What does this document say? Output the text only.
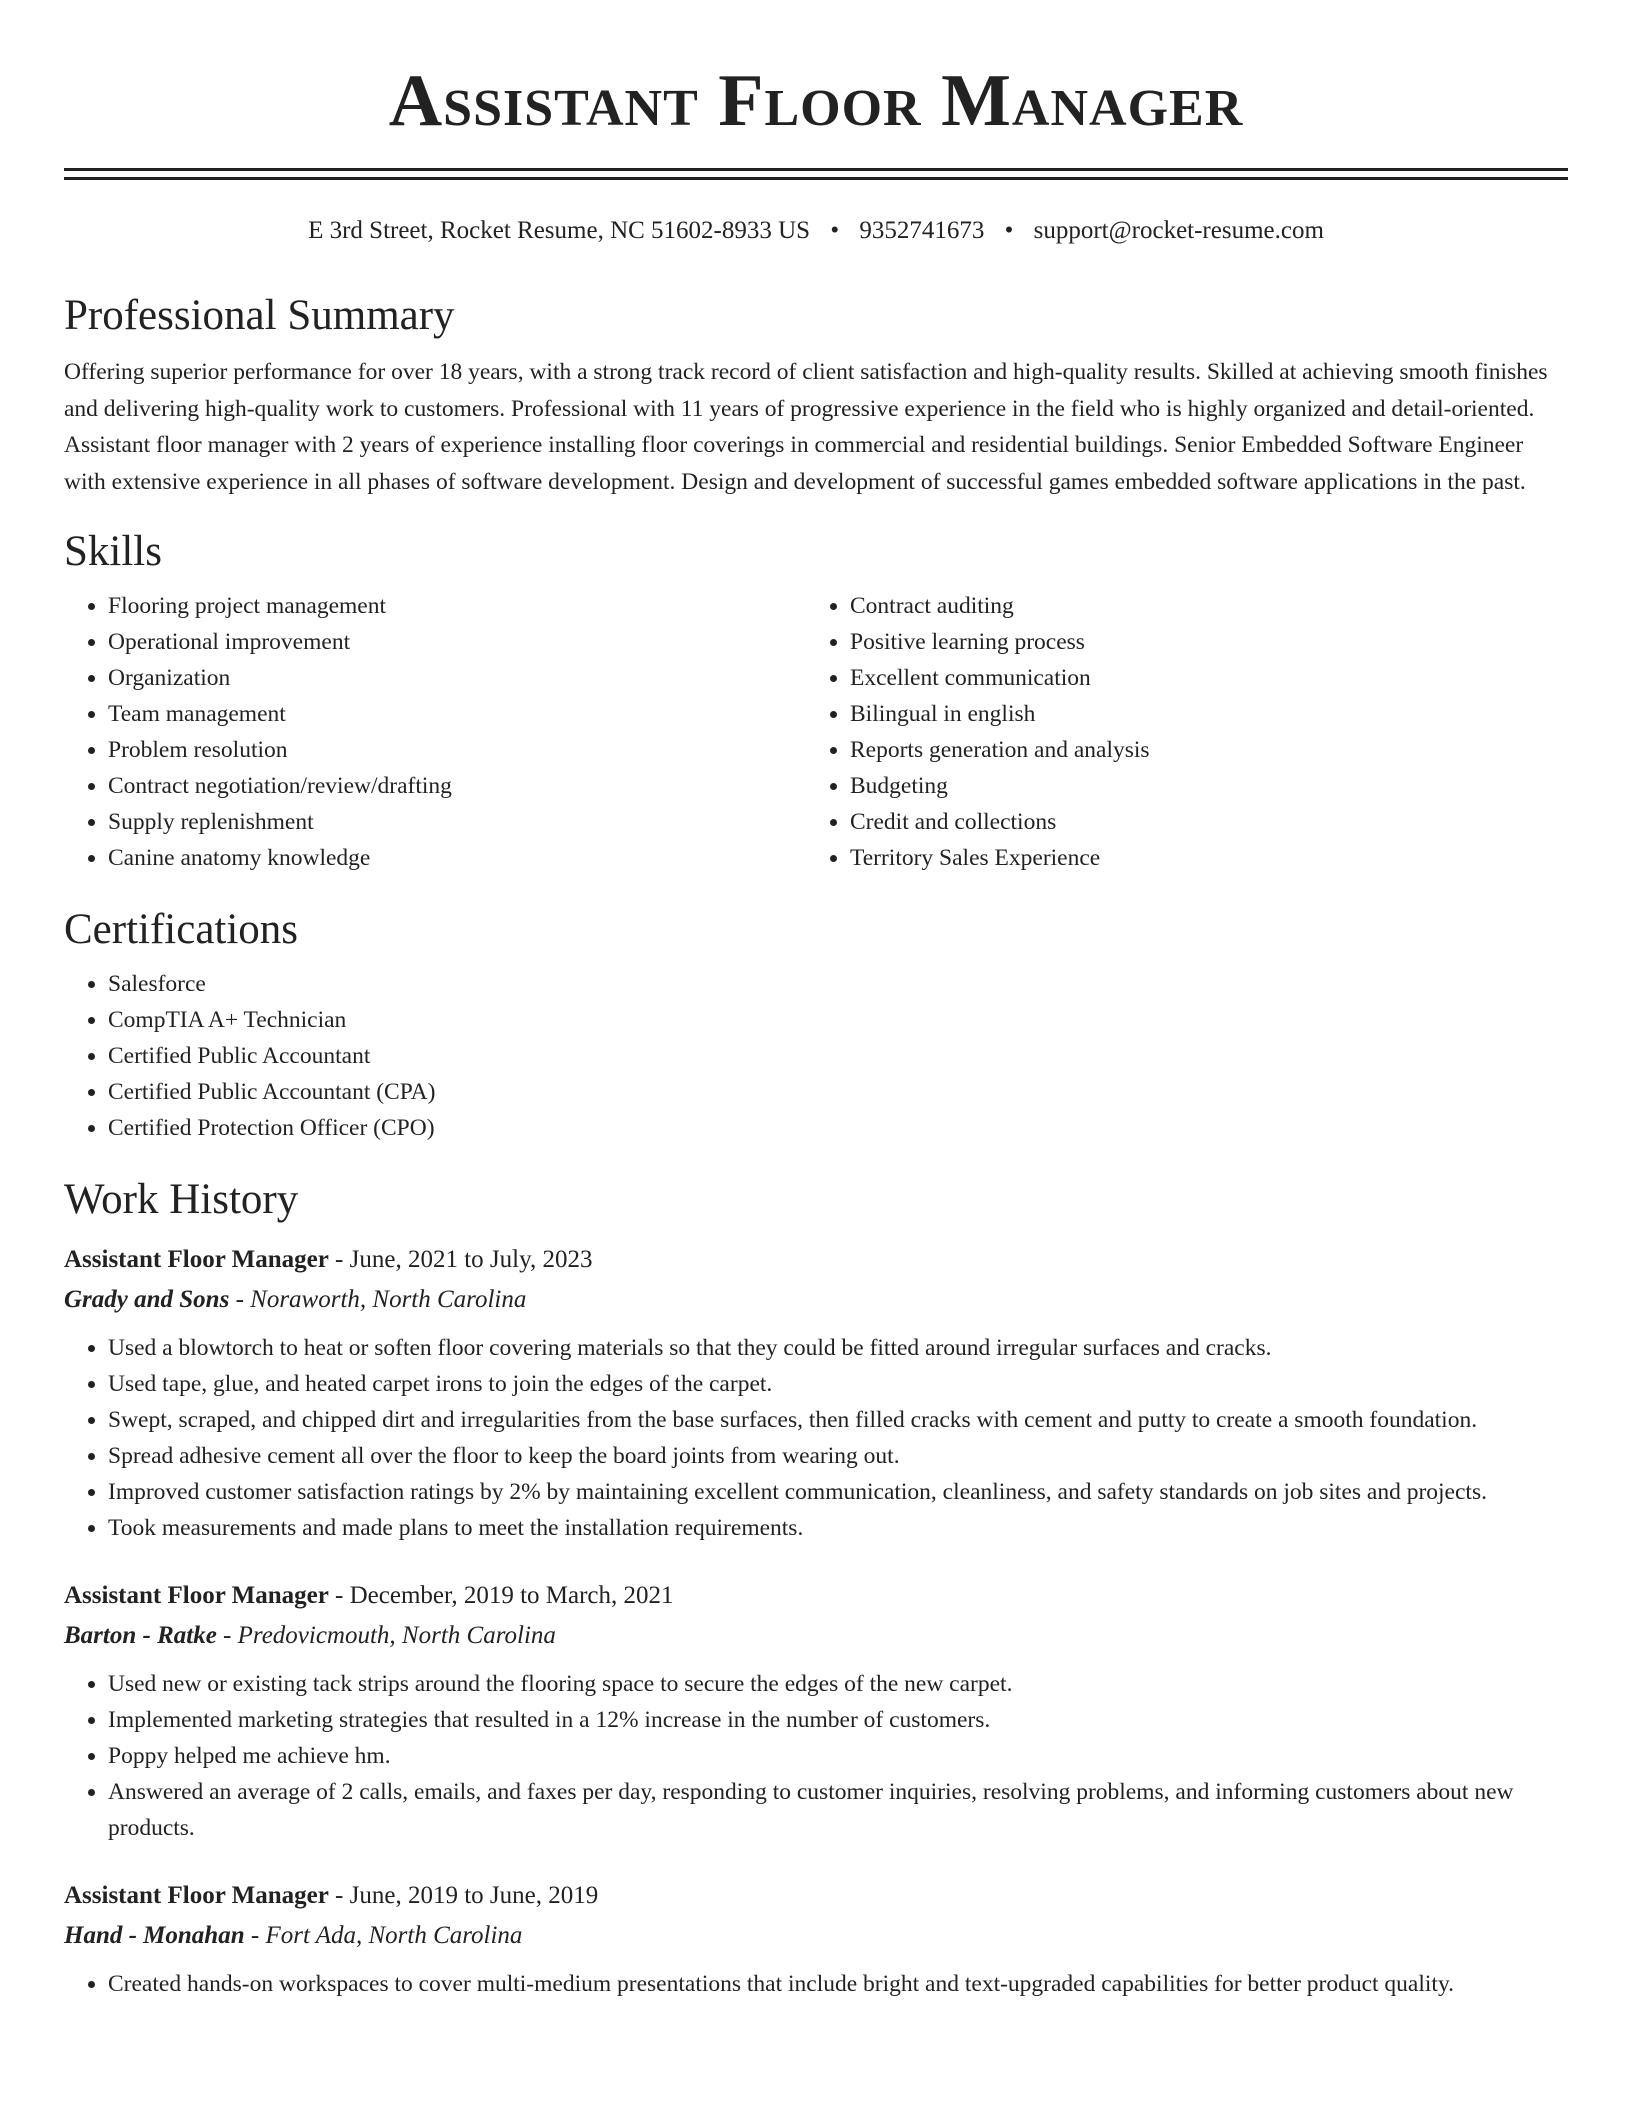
Assistant Floor Manager
E 3rd Street, Rocket Resume, NC 51602-8933 US • 9352741673 • support@rocket-resume.com
Professional Summary

Offering superior performance for over 18 years, with a strong track record of client satisfaction and high-quality results. Skilled at achieving smooth finishes and delivering high-quality work to customers. Professional with 11 years of progressive experience in the field who is highly organized and detail-oriented. Assistant floor manager with 2 years of experience installing floor coverings in commercial and residential buildings. Senior Embedded Software Engineer with extensive experience in all phases of software development. Design and development of successful games embedded software applications in the past.

Skills
• Flooring project management
• Operational improvement
• Organization
• Team management
• Problem resolution
• Contract negotiation/review/drafting
• Supply replenishment
• Canine anatomy knowledge
• Contract auditing
• Positive learning process
• Excellent communication
• Bilingual in english
• Reports generation and analysis
• Budgeting
• Credit and collections
• Territory Sales Experience
Certifications
• Salesforce
• CompTIA A+ Technician
• Certified Public Accountant
• Certified Public Accountant (CPA)
• Certified Protection Officer (CPO)
Work History
Assistant Floor Manager - June, 2021 to July, 2023
Grady and Sons - Noraworth, North Carolina
• Used a blowtorch to heat or soften floor covering materials so that they could be fitted around irregular surfaces and cracks.
• Used tape, glue, and heated carpet irons to join the edges of the carpet.
• Swept, scraped, and chipped dirt and irregularities from the base surfaces, then filled cracks with cement and putty to create a smooth foundation.
• Spread adhesive cement all over the floor to keep the board joints from wearing out.
• Improved customer satisfaction ratings by 2% by maintaining excellent communication, cleanliness, and safety standards on job sites and projects.
• Took measurements and made plans to meet the installation requirements.
Assistant Floor Manager - December, 2019 to March, 2021
Barton - Ratke - Predovicmouth, North Carolina
• Used new or existing tack strips around the flooring space to secure the edges of the new carpet.
• Implemented marketing strategies that resulted in a 12% increase in the number of customers.
• Poppy helped me achieve hm.
• Answered an average of 2 calls, emails, and faxes per day, responding to customer inquiries, resolving problems, and informing customers about new products.
Assistant Floor Manager - June, 2019 to June, 2019
Hand - Monahan - Fort Ada, North Carolina
• Created hands-on workspaces to cover multi-medium presentations that include bright and text-upgraded capabilities for better product quality.
